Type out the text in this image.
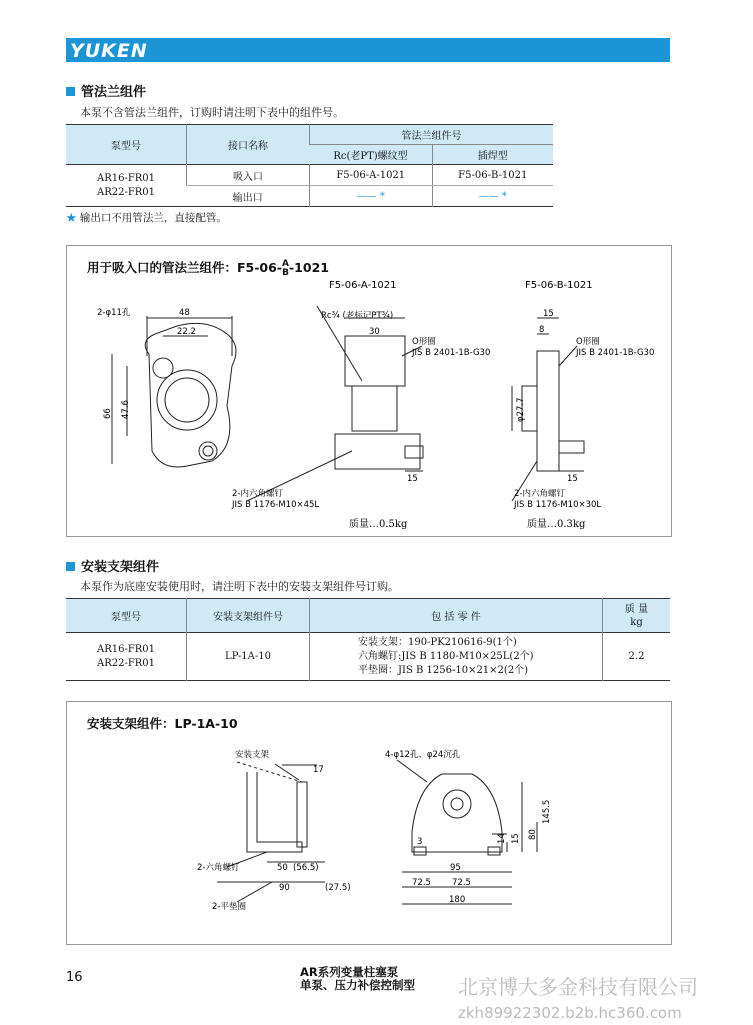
YUKEN
管法兰组件
本泵不含管法兰组件，订购时请注明下表中的组件号。
泵型号	接口名称	管法兰组件号	
		Rc(老PT)螺纹型	插焊型
AR16-FR01
AR22-FR01	吸入口	F5-06-A-1021	F5-06-B-1021
	输出口	—— *	—— *
★ 输出口不用管法兰，直接配管。
用于吸入口的管法兰组件：F5-06-A
B-1021
2-φ11孔	48
22.2
66 47.6
F5-06-A-1021	F5-06-B-1021
Rc¾ (老标记PT¾)
30
O形圈
JIS B 2401-1B-G30
15
2-内六角螺钉
JIS B 1176-M10×45L
质量…0.5kg
15
8
φ27.7
15
O形圈
JIS B 2401-1B-G30
2-内六角螺钉
JIS B 1176-M10×30L
质量…0.3kg
安装支架组件
本泵作为底座安装使用时，请注明下表中的安装支架组件号订购。
泵型号	安装支架组件号	包 括 零 件	质 量
kg
AR16-FR01
AR22-FR01	LP-1A-10	安装支架：190-PK210616-9(1个)
六角螺钉:JIS B 1180-M10×25L(2个)
平垫圈：JIS B 1256-10×21×2(2个)	2.2
安装支架组件：LP-1A-10
安装支架
17
2-六角螺钉	50 (56.5)
90	(27.5)
2-平垫圈
4-φ12孔、φ24沉孔
3
95
72.5 72.5
180
14 15 80
145.5
16	AR系列变量柱塞泵
单泵、压力补偿控制型 北京博大多金科技有限公司
zkh89922302.b2b.hc360.com
